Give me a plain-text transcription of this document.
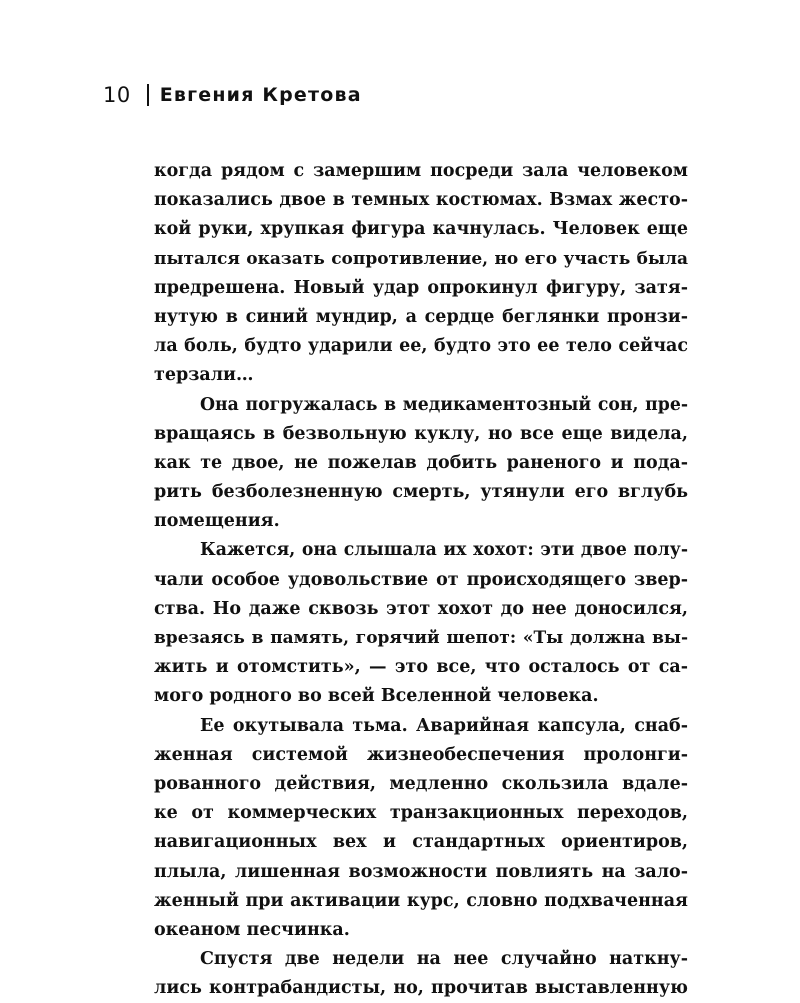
10 Евгения Кретова
когда рядом с замершим посреди зала человеком
показались двое в темных костюмах. Взмах жесто-
кой руки, хрупкая фигура качнулась. Человек еще
пытался оказать сопротивление, но его участь была
предрешена. Новый удар опрокинул фигуру, затя-
нутую в синий мундир, а сердце беглянки пронзи-
ла боль, будто ударили ее, будто это ее тело сейчас
терзали…
Она погружалась в медикаментозный сон, пре-
вращаясь в безвольную куклу, но все еще видела,
как те двое, не пожелав добить раненого и пода-
рить безболезненную смерть, утянули его вглубь
помещения.
Кажется, она слышала их хохот: эти двое полу-
чали особое удовольствие от происходящего звер-
ства. Но даже сквозь этот хохот до нее доносился,
врезаясь в память, горячий шепот: «Ты должна вы-
жить и отомстить», — это все, что осталось от са-
мого родного во всей Вселенной человека.
Ее окутывала тьма. Аварийная капсула, снаб-
женная системой жизнеобеспечения пролонги-
рованного действия, медленно скользила вдале-
ке от коммерческих транзакционных переходов,
навигационных вех и стандартных ориентиров,
плыла, лишенная возможности повлиять на зало-
женный при активации курс, словно подхваченная
океаном песчинка.
Спустя две недели на нее случайно наткну-
лись контрабандисты, но, прочитав выставленную
